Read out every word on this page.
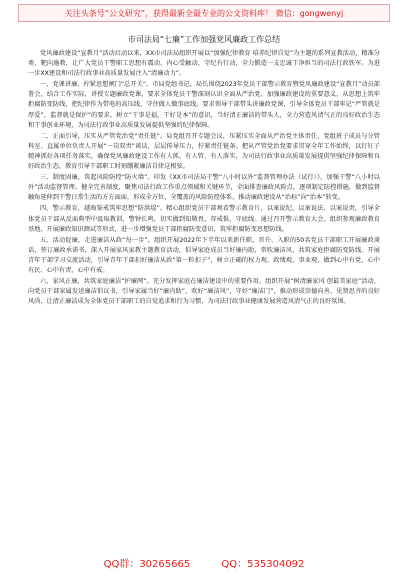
关注头条号“公文研究”，获得最新全最专业的公文资料库！ 微信：gongwenyj
市司法局“七廉”工作加强党风廉政工作总结

党风廉政建设“宣教月”活动启动以来，XX市司法局组织开展以“加强纪律教育 培养纪律自觉”为主题的系列宣教活动，精准分类、靶向施教，让广大党员干警职工思想有震动、内心受触动、守纪有行动，全力锻造一支忠诚干净担当的司法行政铁军。为进一步XX建设和司法行政事业高质量发展注入“清廉动力”。

一、党课讲廉，拧紧思想闸门“总开关”。市局党组书记、局长围绕2023年党员干部警示教育暨党风廉政建设“宣教月”动员部署会，结合工作实际，讲授专题廉政党课，要求全体党员干警深刻认识全面从严治党、加强廉政建设的重要意义，从思想上筑牢拒腐防变防线，把纪律作为带电的高压线，守住做人做事底线。要求领导干部带头讲廉政党课，引导全体党员干部牢记“严管就是厚爱”，监督就是保护”的要求，树立“干事是福，干好是本”的意识，当好清正廉洁的带头人，全力营造风清气正的良好政治生态和干事创业环境，为司法行政事业高质量发展提供坚强的纪律保障。

二、正面引导，压实从严管党治党“责任链”。局党组召开专题会议，压紧压实全面从严治党主体责任，党组班子成员与分管科室、直属单位负责人开展“一岗双责”谈话，层层传导压力，拧紧责任链条。把从严管党治党要求贯穿全年工作始终，以钉钉子精神抓好各项任务落实，确保党风廉政建设工作有人抓、有人管、有人落实，为司法行政事业高质量发展提供坚强纪律保障和良好政治生态，教育引导干部职工时刻绷紧廉洁自律这根弦。

三、制度固廉，筑起风险防控“防火墙”。印发《XX市司法局干警“八小时以外”监督管理办法（试行）》，加强干警“八小时以外”活动监督管理。健全完善制度，聚焦司法行政工作重点领域和关键环节，全面排查廉政风险点，逐项制定防控措施，做到监督触角延伸到干警日常生活的方方面面，形成全方位、全覆盖的风险防控体系，推动廉政建设从“治标”向“治本”转变。

四、警示教育，越晦鉴戒筑牢思想“防洪堤”。精心组织党员干部观看警示教育片，以案说纪、以案说法、以案说责，引导全体党员干部从反面典型中汲取教训、警钟长鸣，切实做到知敬畏、存戒惧、守底线。通过召开警示教育大会、组织参观廉政教育基地、开展廉政知识测试等形式，进一步增强党员干部拒腐防变意识，筑牢拒腐防变思想防线。

五、活动促廉，走进廉洁从政“每一步”。组织开展2022年下半年以来新任职、晋升、入职的50名党员干部职工开展廉政谈话，签订廉政承诺书，深入开展家风家教主题教育活动，倡导家庭成员当好廉内助，常吹廉洁风，共筑家庭拒腐防变防线。开展青年干部学习交流活动，引导青年干部扣好廉洁从政“第一粒扣子”，树立正确的权力观、政绩观、事业观，做到心中有党、心中有民、心中有责、心中有戒。

六、家风正廉，共筑家庭廉洁“护廉网”。充分发挥家庭在廉洁建设中的重要作用，组织开展“树清廉家风 创最美家庭”活动，向党员干部家属发送廉洁倡议书，引导家属当好“廉内助”，吹好“廉洁风”，守好“廉洁门”，推动形成崇德向善、见贤思齐的良好风尚，让清正廉洁成为全体党员干部职工的自觉追求和行为习惯，为司法行政事业健康发展营造风清气正的良好氛围。

QQ群：30265665	QQ：535304092
